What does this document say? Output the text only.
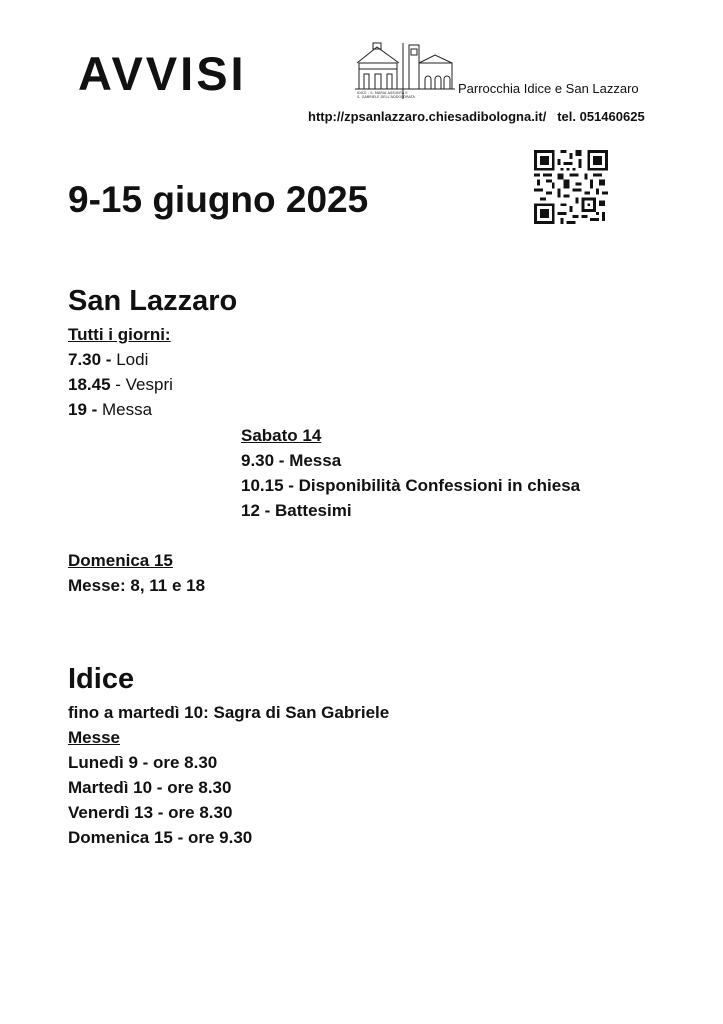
AVVISI	IDICE - S. MARIA ASSUNTA E
S. GABRIELE DELL'ADDOLORATA
Parrocchia Idice e San Lazzaro
http://zpsanlazzaro.chiesadibologna.it/ tel. 051460625
9-15 giugno 2025
San Lazzaro
Tutti i giorni:
7.30 - Lodi
18.45 - Vespri
19 - Messa
Sabato 14
9.30 - Messa
10.15 - Disponibilità Confessioni in chiesa
12 - Battesimi
Domenica 15
Messe: 8, 11 e 18
Idice
fino a martedì 10: Sagra di San Gabriele
Messe
Lunedì 9 - ore 8.30
Martedì 10 - ore 8.30
Venerdì 13 - ore 8.30
Domenica 15 - ore 9.30
